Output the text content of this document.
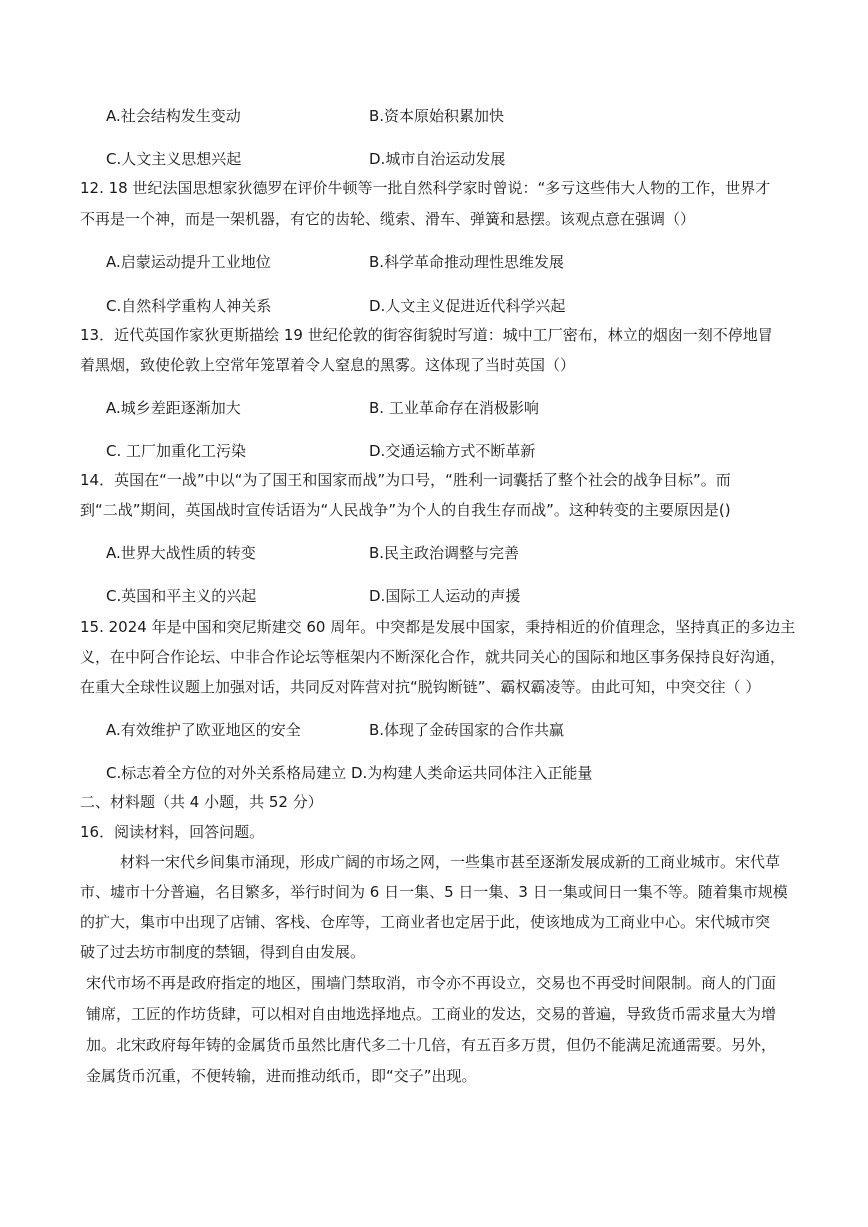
A.社会结构发生变动	B.资本原始积累加快
C.人文主义思想兴起	D.城市自治运动发展
12. 18 世纪法国思想家狄德罗在评价牛顿等一批自然科学家时曾说：“多亏这些伟大人物的工作，世界才
不再是一个神，而是一架机器，有它的齿轮、缆索、滑车、弹簧和悬摆。该观点意在强调（）
A.启蒙运动提升工业地位	B.科学革命推动理性思维发展
C.自然科学重构人神关系	D.人文主义促进近代科学兴起
13．近代英国作家狄更斯描绘 19 世纪伦敦的街容街貌时写道：城中工厂密布，林立的烟囱一刻不停地冒
着黑烟，致使伦敦上空常年笼罩着令人窒息的黑雾。这体现了当时英国（）
A.城乡差距逐渐加大	B. 工业革命存在消极影响
C. 工厂加重化工污染	D.交通运输方式不断革新
14．英国在“一战”中以“为了国王和国家而战”为口号，“胜利一词囊括了整个社会的战争目标”。而
到“二战”期间，英国战时宣传话语为“人民战争”为个人的自我生存而战”。这种转变的主要原因是()
A.世界大战性质的转变	B.民主政治调整与完善
C.英国和平主义的兴起	D.国际工人运动的声援
15. 2024 年是中国和突尼斯建交 60 周年。中突都是发展中国家，秉持相近的价值理念，坚持真正的多边主
义，在中阿合作论坛、中非合作论坛等框架内不断深化合作，就共同关心的国际和地区事务保持良好沟通，
在重大全球性议题上加强对话，共同反对阵营对抗“脱钩断链”、霸权霸凌等。由此可知，中突交往（ ）
A.有效维护了欧亚地区的安全	B.体现了金砖国家的合作共赢
C.标志着全方位的对外关系格局建立 D.为构建人类命运共同体注入正能量
二、材料题（共 4 小题，共 52 分）
16．阅读材料，回答问题。
材料一宋代乡间集市涌现，形成广阔的市场之网，一些集市甚至逐渐发展成新的工商业城市。宋代草
市、墟市十分普遍，名目繁多，举行时间为 6 日一集、5 日一集、3 日一集或间日一集不等。随着集市规模
的扩大，集市中出现了店铺、客栈、仓库等，工商业者也定居于此，使该地成为工商业中心。宋代城市突
破了过去坊市制度的禁锢，得到自由发展。
宋代市场不再是政府指定的地区，围墙门禁取消，市令亦不再设立，交易也不再受时间限制。商人的门面
铺席，工匠的作坊货肆，可以相对自由地选择地点。工商业的发达，交易的普遍，导致货币需求量大为增
加。北宋政府每年铸的金属货币虽然比唐代多二十几倍，有五百多万贯，但仍不能满足流通需要。另外，
金属货币沉重，不便转输，进而推动纸币，即“交子”出现。
